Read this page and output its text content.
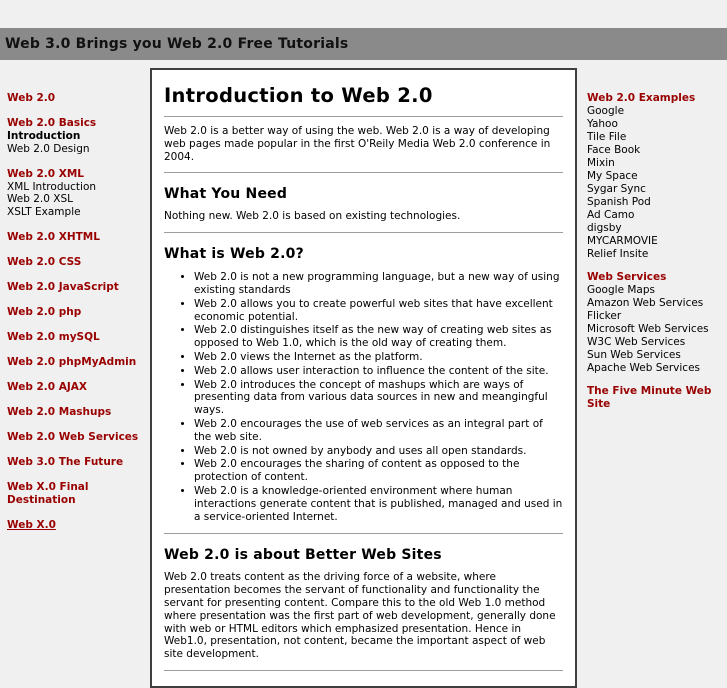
Web 3.0 Brings you Web 2.0 Free Tutorials
Web 2.0
Web 2.0 Basics
Introduction
Web 2.0 Design
Web 2.0 XML
XML Introduction
Web 2.0 XSL
XSLT Example
Web 2.0 XHTML
Web 2.0 CSS
Web 2.0 JavaScript
Web 2.0 php
Web 2.0 mySQL
Web 2.0 phpMyAdmin
Web 2.0 AJAX
Web 2.0 Mashups
Web 2.0 Web Services
Web 3.0 The Future
Web X.0 Final Destination
Web X.0
Introduction to Web 2.0

Web 2.0 is a better way of using the web. Web 2.0 is a way of developing web pages made popular in the first O'Reily Media Web 2.0 conference in 2004.

What You Need

Nothing new. Web 2.0 is based on existing technologies.

What is Web 2.0?
• Web 2.0 is not a new programming language, but a new way of using existing standards
• Web 2.0 allows you to create powerful web sites that have excellent economic potential.
• Web 2.0 distinguishes itself as the new way of creating web sites as opposed to Web 1.0, which is the old way of creating them.
• Web 2.0 views the Internet as the platform.
• Web 2.0 allows user interaction to influence the content of the site.
• Web 2.0 introduces the concept of mashups which are ways of presenting data from various data sources in new and meangingful ways.
• Web 2.0 encourages the use of web services as an integral part of the web site.
• Web 2.0 is not owned by anybody and uses all open standards.
• Web 2.0 encourages the sharing of content as opposed to the protection of content.
• Web 2.0 is a knowledge-oriented environment where human interactions generate content that is published, managed and used in a service-oriented Internet.
Web 2.0 is about Better Web Sites

Web 2.0 treats content as the driving force of a website, where presentation becomes the servant of functionality and functionality the servant for presenting content. Compare this to the old Web 1.0 method where presentation was the first part of web development, generally done with web or HTML editors which emphasized presentation. Hence in Web1.0, presentation, not content, became the important aspect of web site development.

Web 2.0 Examples
Google
Yahoo
Tile File
Face Book
Mixin
My Space
Sygar Sync
Spanish Pod
Ad Camo
digsby
MYCARMOVIE
Relief Insite
Web Services
Google Maps
Amazon Web Services
Flicker
Microsoft Web Services
W3C Web Services
Sun Web Services
Apache Web Services
The Five Minute Web Site
